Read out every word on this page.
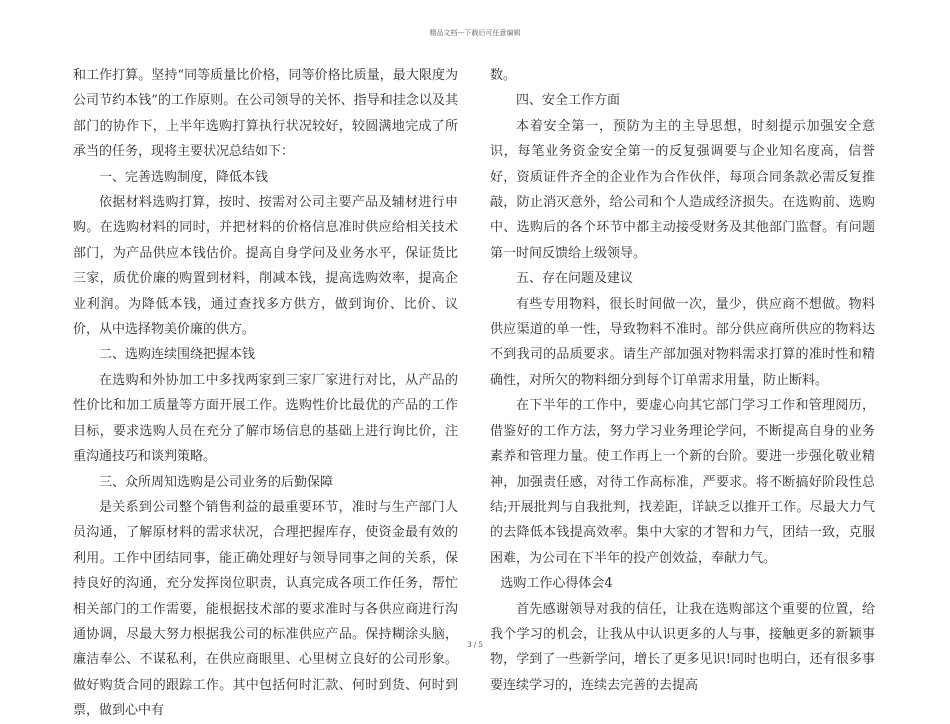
精品文档---下载后可任意编辑

和工作打算。坚持“同等质量比价格，同等价格比质量，最大限度为公司节约本钱”的工作原则。在公司领导的关怀、指导和挂念以及其部门的协作下，上半年选购打算执行状况较好，较圆满地完成了所承当的任务，现将主要状况总结如下：

一、完善选购制度，降低本钱

依据材料选购打算，按时、按需对公司主要产品及辅材进行申购。在选购材料的同时，并把材料的价格信息准时供应给相关技术部门，为产品供应本钱估价。提高自身学问及业务水平，保证货比三家，质优价廉的购置到材料，削减本钱，提高选购效率，提高企业利润。为降低本钱，通过查找多方供方，做到询价、比价、议价，从中选择物美价廉的供方。

二、选购连续围绕把握本钱

在选购和外协加工中多找两家到三家厂家进行对比，从产品的性价比和加工质量等方面开展工作。选购性价比最优的产品的工作目标，要求选购人员在充分了解市场信息的基础上进行询比价，注重沟通技巧和谈判策略。

三、众所周知选购是公司业务的后勤保障

是关系到公司整个销售利益的最重要环节，准时与生产部门人员沟通，了解原材料的需求状况，合理把握库存，使资金最有效的利用。工作中团结同事，能正确处理好与领导同事之间的关系，保持良好的沟通，充分发挥岗位职责，认真完成各项工作任务，帮忙相关部门的工作需要，能根据技术部的要求准时与各供应商进行沟通协调，尽最大努力根据我公司的标准供应产品。保持糊涂头脑，廉洁奉公、不谋私利，在供应商眼里、心里树立良好的公司形象。做好购货合同的跟踪工作。其中包括何时汇款、何时到货、何时到票，做到心中有

数。

四、安全工作方面

本着安全第一，预防为主的主导思想，时刻提示加强安全意识，每笔业务资金安全第一的反复强调要与企业知名度高，信誉好，资质证件齐全的企业作为合作伙伴，每项合同条款必需反复推敲，防止消灭意外，给公司和个人造成经济损失。在选购前、选购中、选购后的各个环节中都主动接受财务及其他部门监督。有问题第一时间反馈给上级领导。

五、存在问题及建议

有些专用物料，很长时间做一次，量少，供应商不想做。物料供应渠道的单一性，导致物料不准时。部分供应商所供应的物料达不到我司的品质要求。请生产部加强对物料需求打算的准时性和精确性，对所欠的物料细分到每个订单需求用量，防止断料。

在下半年的工作中，要虚心向其它部门学习工作和管理阅历，借鉴好的工作方法，努力学习业务理论学问，不断提高自身的业务素养和管理力量。使工作再上一个新的台阶。要进一步强化敬业精神，加强责任感，对待工作高标准，严要求。将不断搞好阶段性总结;开展批判与自我批判，找差距，详缺乏以推开工作。尽最大力气的去降低本钱提高效率。集中大家的才智和力气，团结一致，克服困难，为公司在下半年的投产创效益，奉献力气。

选购工作心得体会4

首先感谢领导对我的信任，让我在选购部这个重要的位置，给我个学习的机会，让我从中认识更多的人与事，接触更多的新颖事物，学到了一些新学问，增长了更多见识!同时也明白，还有很多事要连续学习的，连续去完善的去提高

3 / 5
